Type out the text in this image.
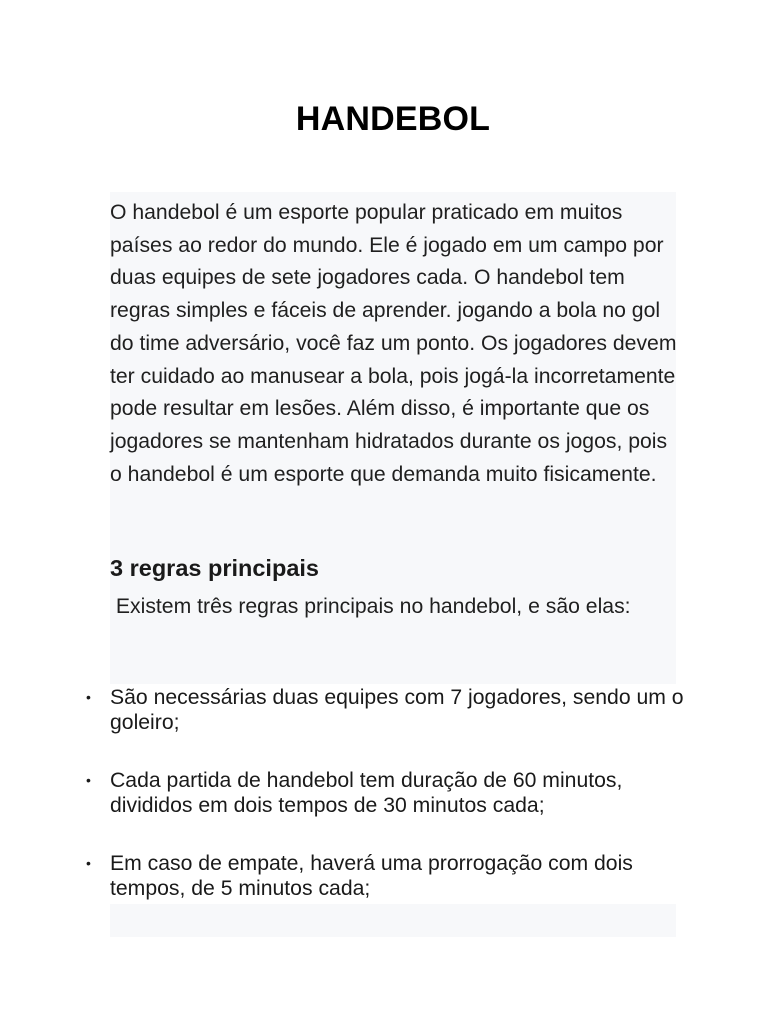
HANDEBOL

O handebol é um esporte popular praticado em muitos países ao redor do mundo. Ele é jogado em um campo por duas equipes de sete jogadores cada. O handebol tem regras simples e fáceis de aprender. jogando a bola no gol do time adversário, você faz um ponto. Os jogadores devem ter cuidado ao manusear a bola, pois jogá-la incorretamente pode resultar em lesões. Além disso, é importante que os jogadores se mantenham hidratados durante os jogos, pois o handebol é um esporte que demanda muito fisicamente.

3 regras principais

Existem três regras principais no handebol, e são elas:

• São necessárias duas equipes com 7 jogadores, sendo um o goleiro;
• Cada partida de handebol tem duração de 60 minutos, divididos em dois tempos de 30 minutos cada;
• Em caso de empate, haverá uma prorrogação com dois tempos, de 5 minutos cada;
